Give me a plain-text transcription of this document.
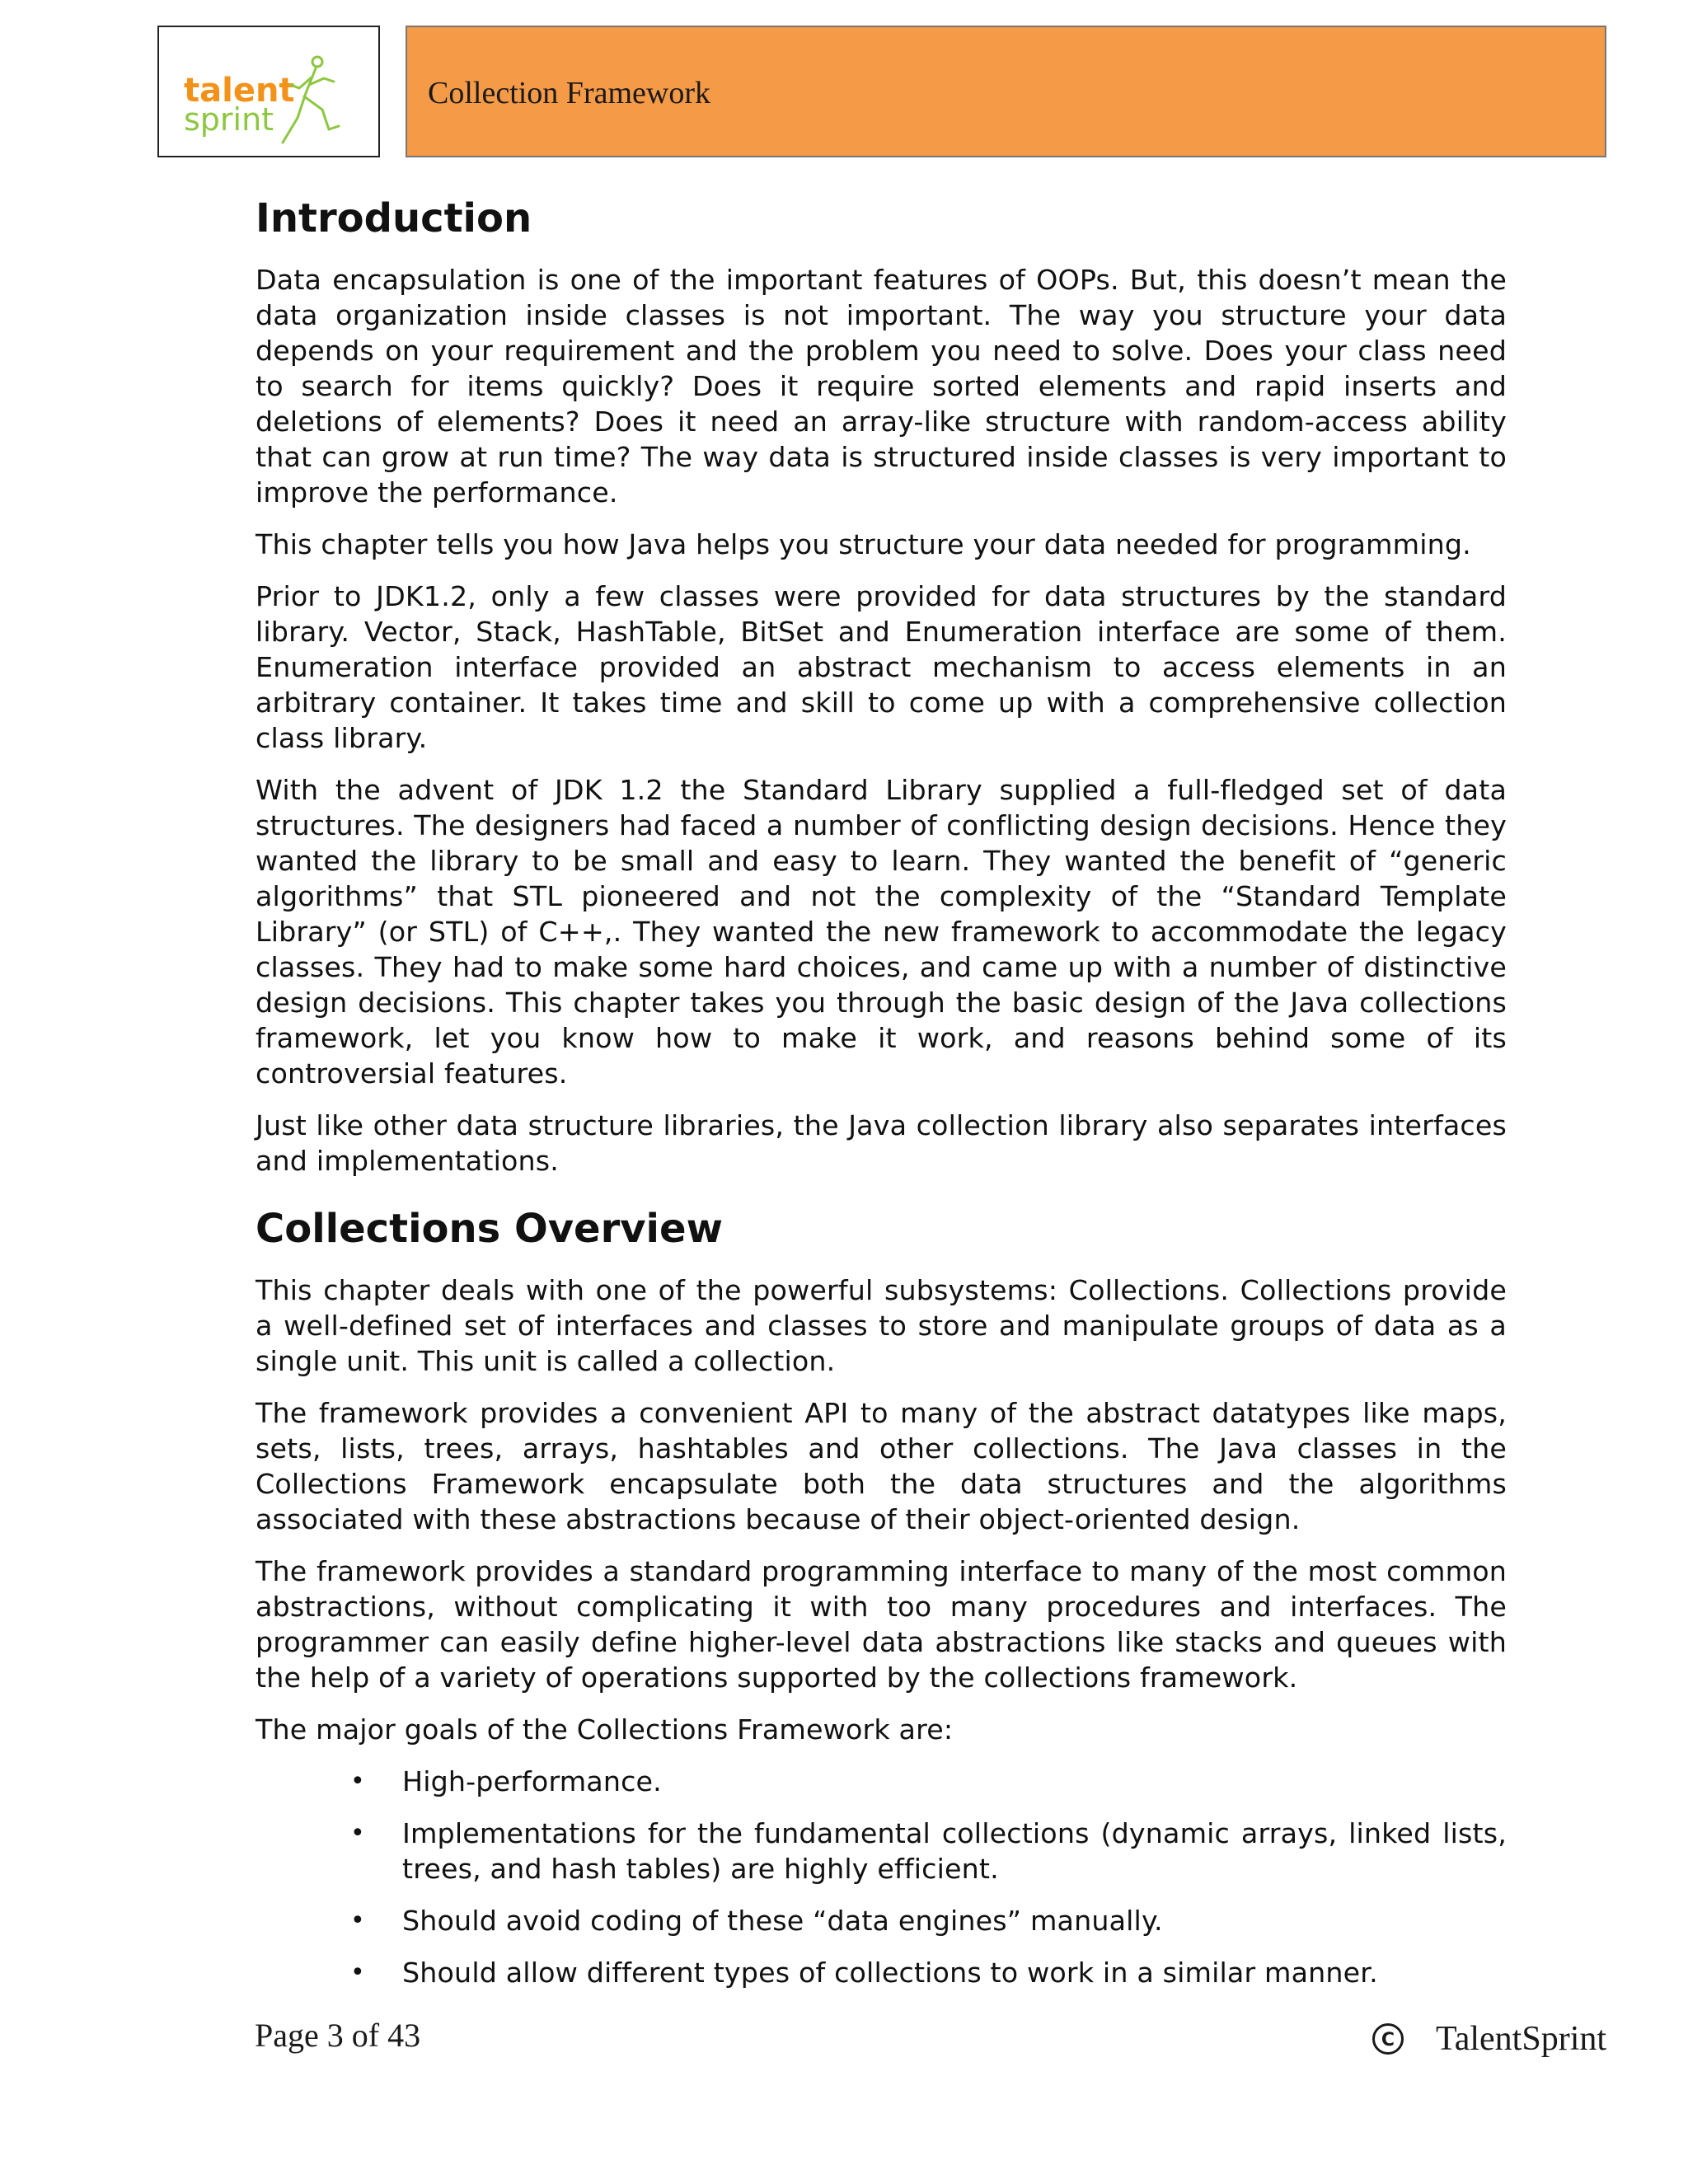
talent
sprint
Collection Framework
Introduction

Data encapsulation is one of the important features of OOPs. But, this doesn’t mean the data organization inside classes is not important. The way you structure your data depends on your requirement and the problem you need to solve. Does your class need to search for items quickly? Does it require sorted elements and rapid inserts and deletions of elements? Does it need an array-like structure with random-access ability that can grow at run time? The way data is structured inside classes is very important to improve the performance.

This chapter tells you how Java helps you structure your data needed for programming.

Prior to JDK1.2, only a few classes were provided for data structures by the standard library. Vector, Stack, HashTable, BitSet and Enumeration interface are some of them. Enumeration interface provided an abstract mechanism to access elements in an arbitrary container. It takes time and skill to come up with a comprehensive collection class library.

With the advent of JDK 1.2 the Standard Library supplied a full-fledged set of data structures. The designers had faced a number of conflicting design decisions. Hence they wanted the library to be small and easy to learn. They wanted the benefit of “generic algorithms” that STL pioneered and not the complexity of the “Standard Template Library” (or STL) of C++,. They wanted the new framework to accommodate the legacy classes. They had to make some hard choices, and came up with a number of distinctive design decisions. This chapter takes you through the basic design of the Java collections framework, let you know how to make it work, and reasons behind some of its controversial features.

Just like other data structure libraries, the Java collection library also separates interfaces and implementations.

Collections Overview

This chapter deals with one of the powerful subsystems: Collections. Collections provide a well-defined set of interfaces and classes to store and manipulate groups of data as a single unit. This unit is called a collection.

The framework provides a convenient API to many of the abstract datatypes like maps, sets, lists, trees, arrays, hashtables and other collections. The Java classes in the Collections Framework encapsulate both the data structures and the algorithms associated with these abstractions because of their object-oriented design.

The framework provides a standard programming interface to many of the most common abstractions, without complicating it with too many procedures and interfaces. The programmer can easily define higher-level data abstractions like stacks and queues with the help of a variety of operations supported by the collections framework.

The major goals of the Collections Framework are:

• High-performance.
• Implementations for the fundamental collections (dynamic arrays, linked lists, trees, and hash tables) are highly efficient.
• Should avoid coding of these “data engines” manually.
• Should allow different types of collections to work in a similar manner.
Page 3 of 43	C TalentSprint
